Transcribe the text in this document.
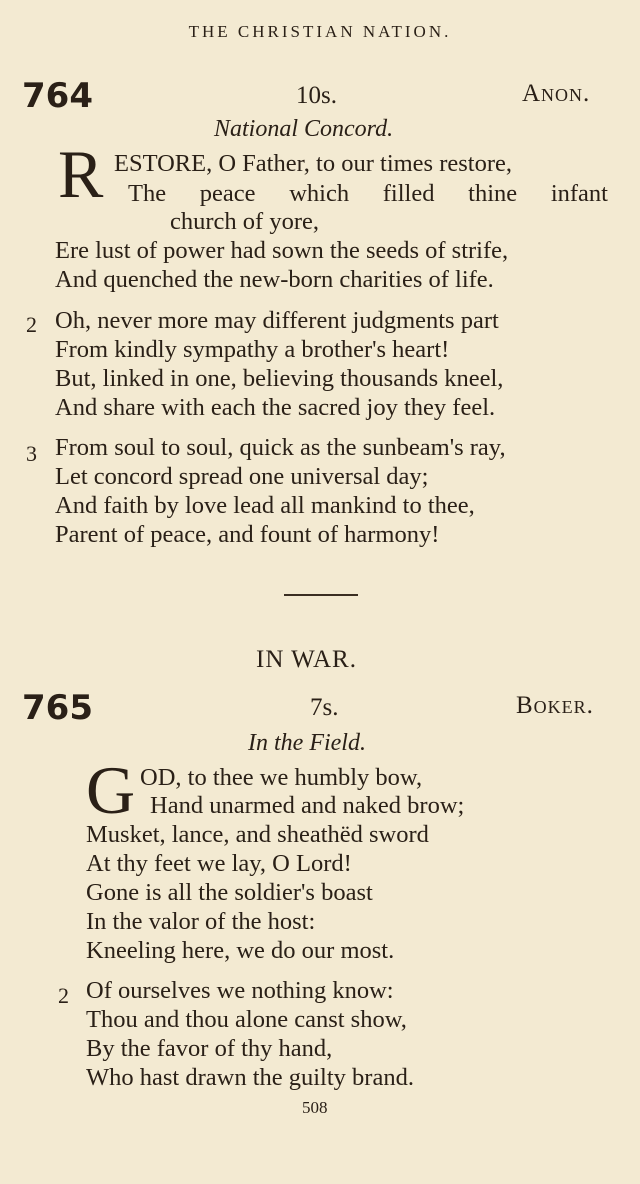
THE CHRISTIAN NATION.
764	10s.	Anon.
National Concord.
R ESTORE, O Father, to our times restore,
The peace which filled thine infant
church of yore,
Ere lust of power had sown the seeds of strife,
And quenched the new-born charities of life.
2 Oh, never more may different judgments part
From kindly sympathy a brother's heart!
But, linked in one, believing thousands kneel,
And share with each the sacred joy they feel.
3 From soul to soul, quick as the sunbeam's ray,
Let concord spread one universal day;
And faith by love lead all mankind to thee,
Parent of peace, and fount of harmony!
IN WAR.
765	7s.	Boker.
In the Field.
G OD, to thee we humbly bow,
Hand unarmed and naked brow;
Musket, lance, and sheathëd sword
At thy feet we lay, O Lord!
Gone is all the soldier's boast
In the valor of the host:
Kneeling here, we do our most.
2 Of ourselves we nothing know:
Thou and thou alone canst show,
By the favor of thy hand,
Who hast drawn the guilty brand.
508
